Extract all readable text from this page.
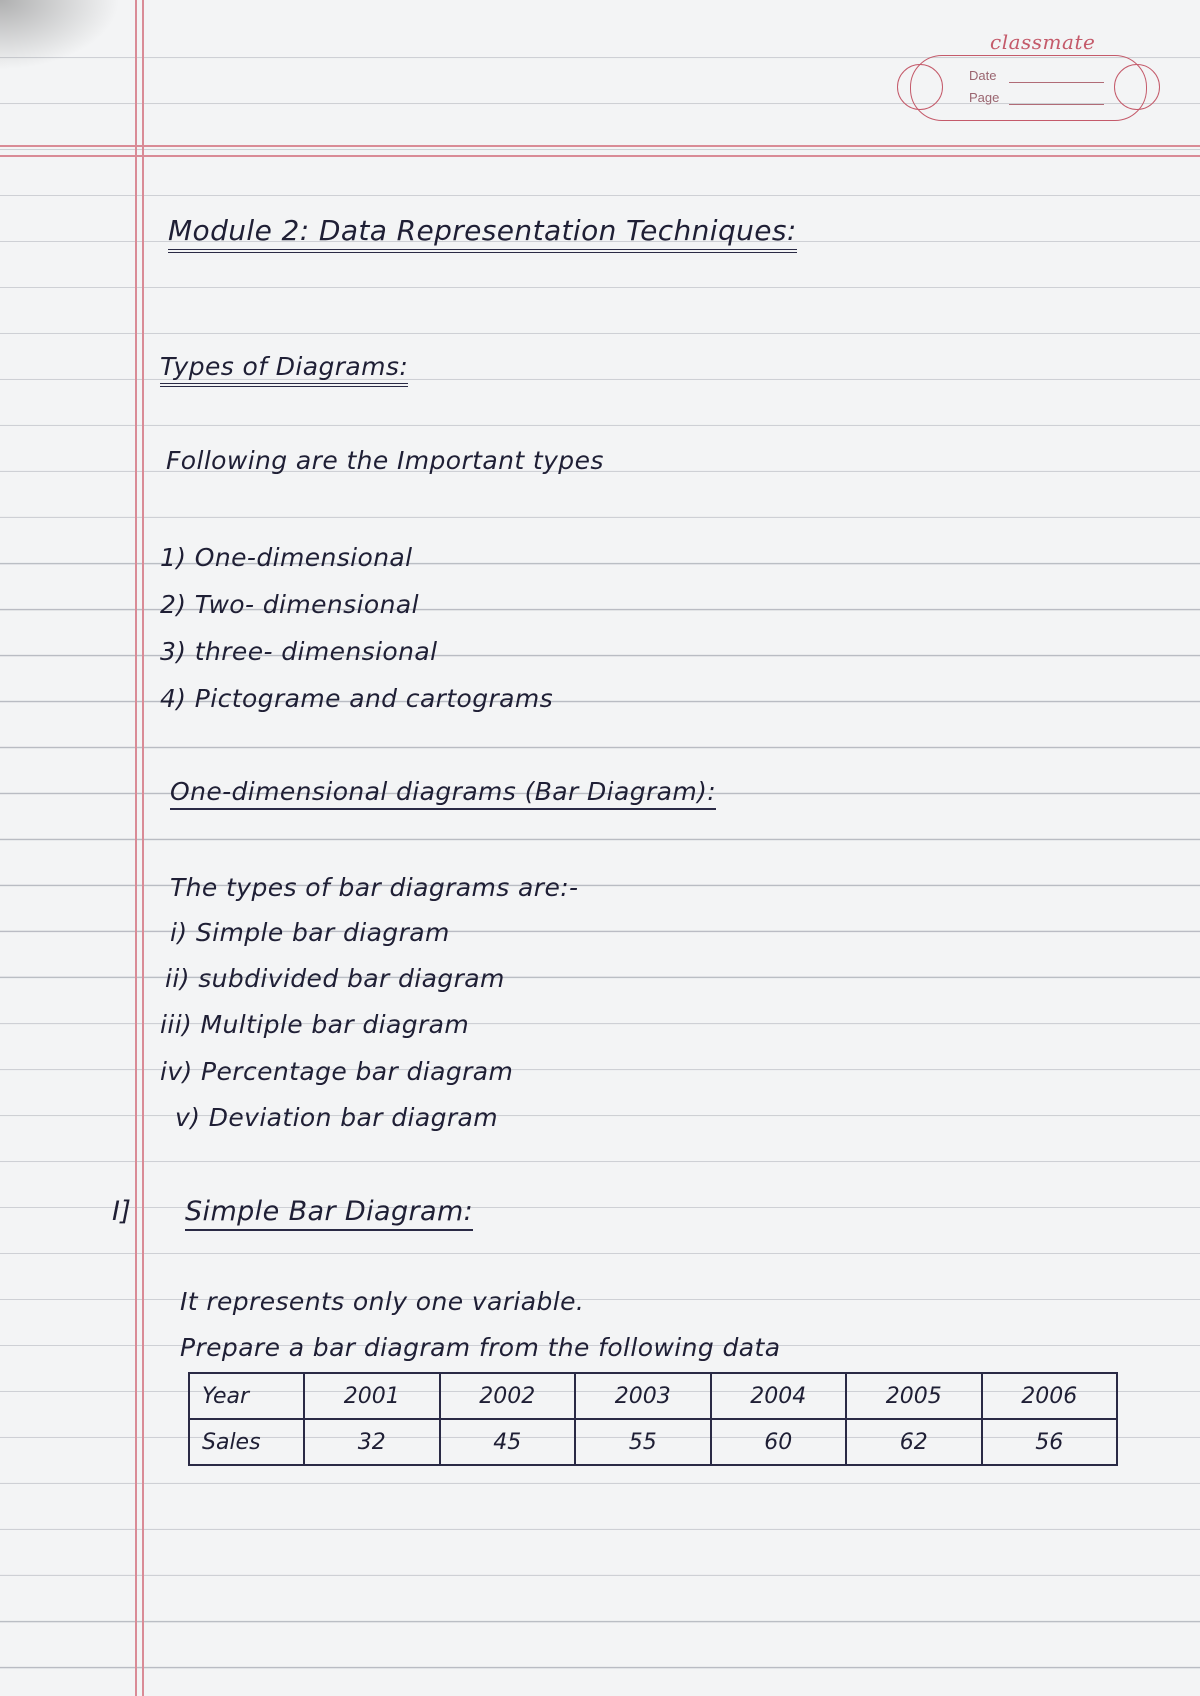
classmate
Date
Page
Module 2: Data Representation Techniques:
Types of Diagrams:
Following are the Important types
1) One-dimensional
2) Two- dimensional
3) three- dimensional
4) Pictograme and cartograms
One-dimensional diagrams (Bar Diagram):
The types of bar diagrams are:-
i) Simple bar diagram
ii) subdivided bar diagram
iii) Multiple bar diagram
iv) Percentage bar diagram
v) Deviation bar diagram
I] Simple Bar Diagram:
It represents only one variable.
Prepare a bar diagram from the following data
Year	2001	2002	2003	2004	2005	2006
Sales	32	45	55	60	62	56
